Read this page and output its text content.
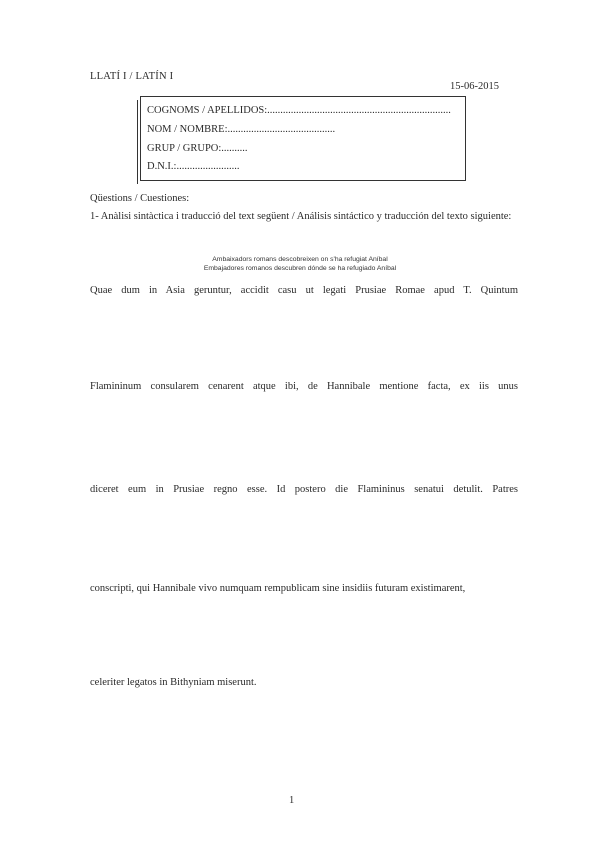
LLATÍ I / LATÍN I
15-06-2015
COGNOMS / APELLIDOS:......................................................................
NOM / NOMBRE:.........................................
GRUP / GRUPO:..........
D.N.I.:........................
Qüestions / Cuestiones:
1- Anàlisi sintàctica i traducció del text següent / Análisis sintáctico y traducción del texto siguiente:
Ambaixadors romans descobreixen on s'ha refugiat Aníbal
Embajadores romanos descubren dónde se ha refugiado Aníbal
Quae dum in Asia geruntur, accidit casu ut legati Prusiae Romae apud T. Quintum
Flamininum consularem cenarent atque ibi, de Hannibale mentione facta, ex iis unus
diceret eum in Prusiae regno esse. Id postero die Flamininus senatui detulit. Patres
conscripti, qui Hannibale vivo numquam rempublicam sine insidiis futuram existimarent,
celeriter legatos in Bithyniam miserunt.
1
